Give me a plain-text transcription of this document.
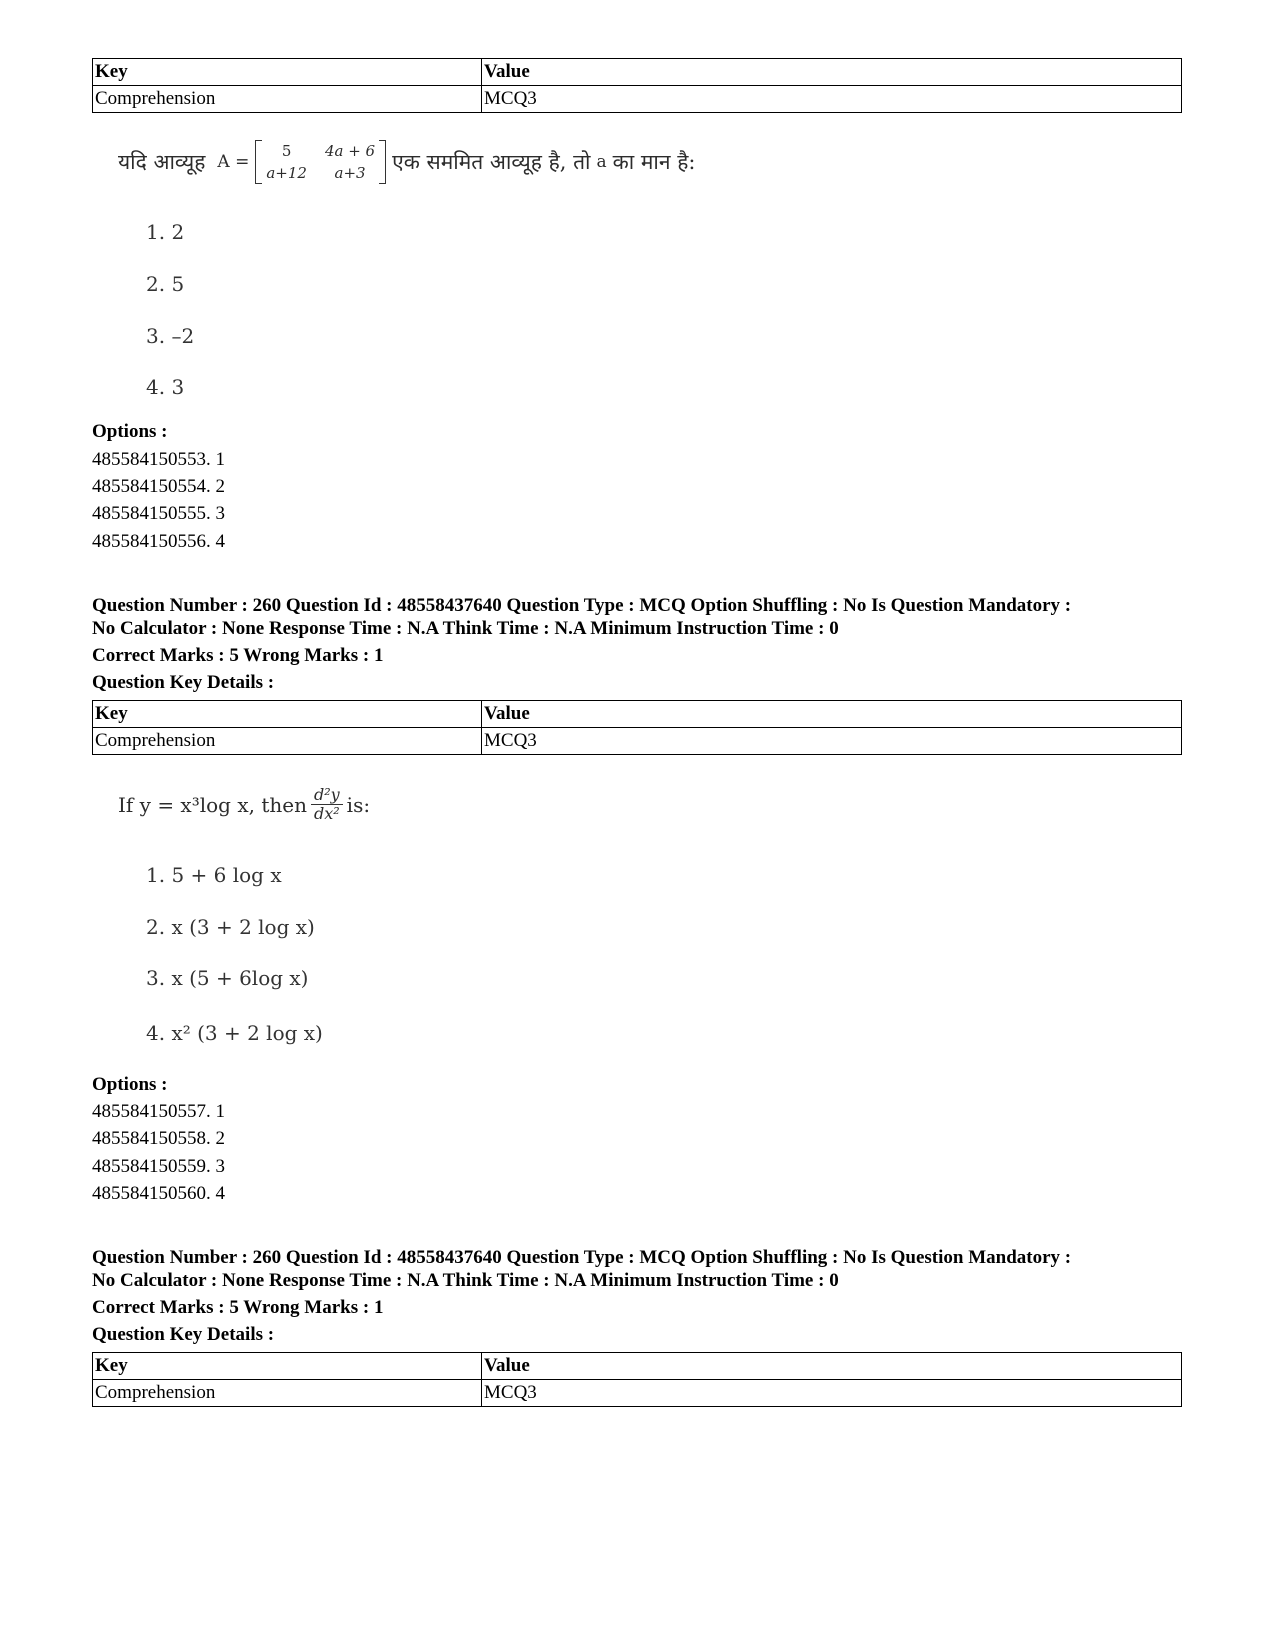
Key	Value
Comprehension	MCQ3
यदि आव्यूह A =
5	4a + 6
a+12	a+3	एक सममित आव्यूह है, तो a का मान है:
1. 2
2. 5
3. –2
4. 3
Options :
485584150553. 1
485584150554. 2
485584150555. 3
485584150556. 4
Question Number : 260 Question Id : 48558437640 Question Type : MCQ Option Shuffling : No Is Question Mandatory :
No Calculator : None Response Time : N.A Think Time : N.A Minimum Instruction Time : 0
Correct Marks : 5 Wrong Marks : 1
Question Key Details :
Key	Value
Comprehension	MCQ3
If y = x³log x, then $\frac{\text{d²y}}{\text{dx²}}$ is:
1. 5 + 6 log x
2. x (3 + 2 log x)
3. x (5 + 6log x)
4. x² (3 + 2 log x)
Options :
485584150557. 1
485584150558. 2
485584150559. 3
485584150560. 4
Question Number : 260 Question Id : 48558437640 Question Type : MCQ Option Shuffling : No Is Question Mandatory :
No Calculator : None Response Time : N.A Think Time : N.A Minimum Instruction Time : 0
Correct Marks : 5 Wrong Marks : 1
Question Key Details :
Key	Value
Comprehension	MCQ3
